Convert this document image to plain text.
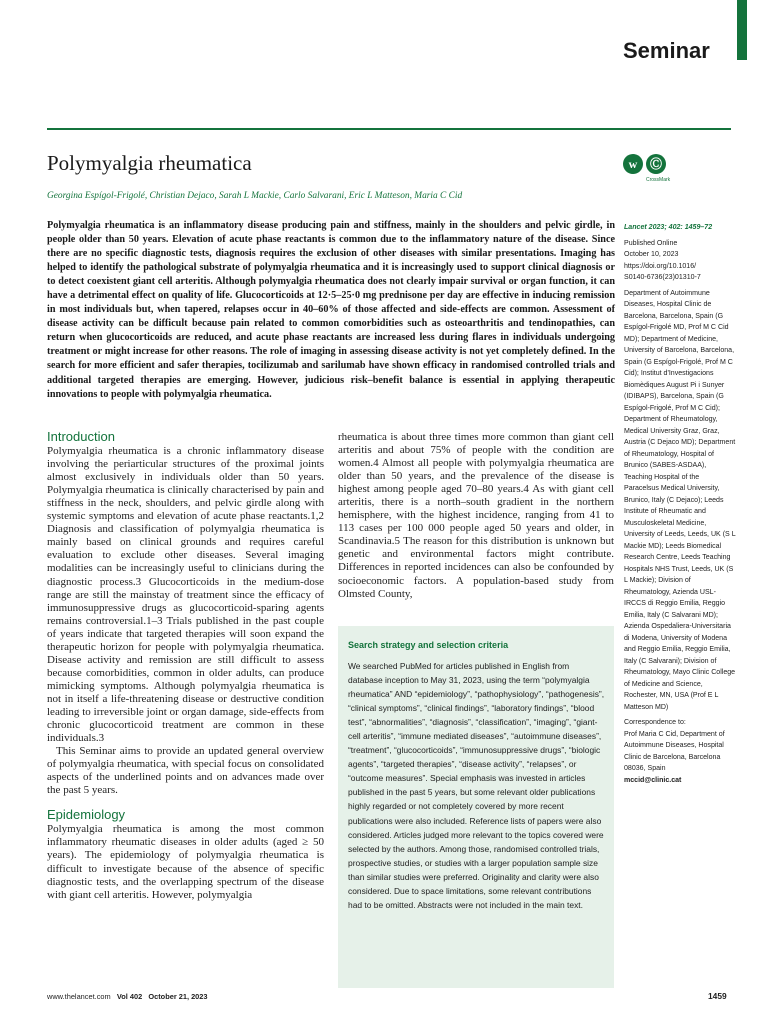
Seminar
Polymyalgia rheumatica	w Ⓒ
CrossMark
Georgina Espígol-Frigolé, Christian Dejaco, Sarah L Mackie, Carlo Salvarani, Eric L Matteson, Maria C Cid
Polymyalgia rheumatica is an inflammatory disease producing pain and stiffness, mainly in the shoulders and pelvic girdle, in people older than 50 years. Elevation of acute phase reactants is common due to the inflammatory nature of the disease. Since there are no specific diagnostic tests, diagnosis requires the exclusion of other diseases with similar presentations. Imaging has helped to identify the pathological substrate of polymyalgia rheumatica and it is increasingly used to support clinical diagnosis or to detect coexistent giant cell arteritis. Although polymyalgia rheumatica does not clearly impair survival or organ function, it can have a detrimental effect on quality of life. Glucocorticoids at 12·5–25·0 mg prednisone per day are effective in inducing remission in most individuals but, when tapered, relapses occur in 40–60% of those affected and side-effects are common. Assessment of disease activity can be difficult because pain related to common comorbidities such as osteoarthritis and tendinopathies, can return when glucocorticoids are reduced, and acute phase reactants are increased less during flares in individuals undergoing treatment or might increase for other reasons. The role of imaging in assessing disease activity is not yet completely defined. In the search for more efficient and safer therapies, tocilizumab and sarilumab have shown efficacy in randomised controlled trials and additional targeted therapies are emerging. However, judicious risk–benefit balance is essential in applying therapeutic innovations to people with polymyalgia rheumatica.
Introduction

Polymyalgia rheumatica is a chronic inflammatory disease involving the periarticular structures of the proximal joints almost exclusively in individuals older than 50 years. Polymyalgia rheumatica is clinically characterised by pain and stiffness in the neck, shoulders, and pelvic girdle along with systemic symptoms and elevation of acute phase reactants.1,2 Diagnosis and classification of polymyalgia rheumatica is mainly based on clinical grounds and requires careful evaluation to exclude other diseases. Several imaging modalities can be increasingly useful to clinicians during the diagnostic process.3 Glucocorticoids in the medium-dose range are still the mainstay of treatment since the efficacy of immunosuppressive drugs as glucocorticoid-sparing agents remains controversial.1–3 Trials published in the past couple of years indicate that targeted therapies will soon expand the therapeutic horizon for people with polymyalgia rheumatica. Disease activity and remission are still difficult to assess because comorbidities, common in older adults, can produce mimicking symptoms. Although polymyalgia rheumatica is not in itself a life-threatening disease or destructive condition leading to irreversible joint or organ damage, side-effects from chronic glucocorticoid treatment are common in these individuals.3

This Seminar aims to provide an updated general overview of polymyalgia rheumatica, with special focus on consolidated aspects of the underlined points and on advances made over the past 5 years.

Epidemiology

Polymyalgia rheumatica is among the most common inflammatory rheumatic diseases in older adults (aged ≥ 50 years). The epidemiology of polymyalgia rheumatica is difficult to investigate because of the absence of specific diagnostic tests, and the overlapping spectrum of the disease with giant cell arteritis. However, polymyalgia

rheumatica is about three times more common than giant cell arteritis and about 75% of people with the condition are women.4 Almost all people with polymyalgia rheumatica are older than 50 years, and the prevalence of the disease is highest among people aged 70–80 years.4 As with giant cell arteritis, there is a north–south gradient in the northern hemisphere, with the highest incidence, ranging from 41 to 113 cases per 100 000 people aged 50 years and older, in Scandinavia.5 The reason for this distribution is unknown but genetic and environmental factors might contribute. Differences in reported incidences can also be confounded by socioeconomic factors. A population-based study from Olmsted County,

Search strategy and selection criteria
We searched PubMed for articles published in English from database inception to May 31, 2023, using the term “polymyalgia rheumatica” AND “epidemiology”, “pathophysiology”, “pathogenesis”, “clinical symptoms”, “clinical findings”, “laboratory findings”, “blood test”, “abnormalities”, “diagnosis”, “classification”, “imaging”, “giant-cell arteritis”, “immune mediated diseases”, “autoimmune diseases”, “treatment”, “glucocorticoids”, “immunosuppressive drugs”, “biologic agents”, “targeted therapies”, “disease activity”, “relapses”, or “outcome measures”. Special emphasis was invested in articles published in the past 5 years, but some relevant older publications highly regarded or not completely covered by more recent publications were also included. Reference lists of papers were also considered. Articles judged more relevant to the topics covered were selected by the authors. Among those, randomised controlled trials, prospective studies, or studies with a larger population sample size than similar studies were preferred. Originality and clarity were also considered. Due to space limitations, some relevant contributions had to be omitted. Abstracts were not included in the main text.

Lancet 2023; 402: 1459–72

Published Online
October 10, 2023
https://doi.org/10.1016/
S0140-6736(23)01310-7

Department of Autoimmune Diseases, Hospital Clinic de Barcelona, Barcelona, Spain (G Espígol-Frigolé MD, Prof M C Cid MD); Department of Medicine, University of Barcelona, Barcelona, Spain (G Espígol-Frigolé, Prof M C Cid); Institut d'Investigacions Biomèdiques August Pi i Sunyer (IDIBAPS), Barcelona, Spain (G Espígol-Frigolé, Prof M C Cid); Department of Rheumatology, Medical University Graz, Graz, Austria (C Dejaco MD); Department of Rheumatology, Hospital of Brunico (SABES-ASDAA), Teaching Hospital of the Paracelsus Medical University, Brunico, Italy (C Dejaco); Leeds Institute of Rheumatic and Musculoskeletal Medicine, University of Leeds, Leeds, UK (S L Mackie MD); Leeds Biomedical Research Centre, Leeds Teaching Hospitals NHS Trust, Leeds, UK (S L Mackie); Division of Rheumatology, Azienda USL-IRCCS di Reggio Emilia, Reggio Emilia, Italy (C Salvarani MD); Azienda Ospedaliera-Universitaria di Modena, University of Modena and Reggio Emilia, Reggio Emilia, Italy (C Salvarani); Division of Rheumatology, Mayo Clinic College of Medicine and Science, Rochester, MN, USA (Prof E L Matteson MD)

Correspondence to:
Prof Maria C Cid, Department of Autoimmune Diseases, Hospital Clinic de Barcelona, Barcelona 08036, Spain

mccid@clinic.cat

www.thelancet.com Vol 402 October 21, 2023	1459
